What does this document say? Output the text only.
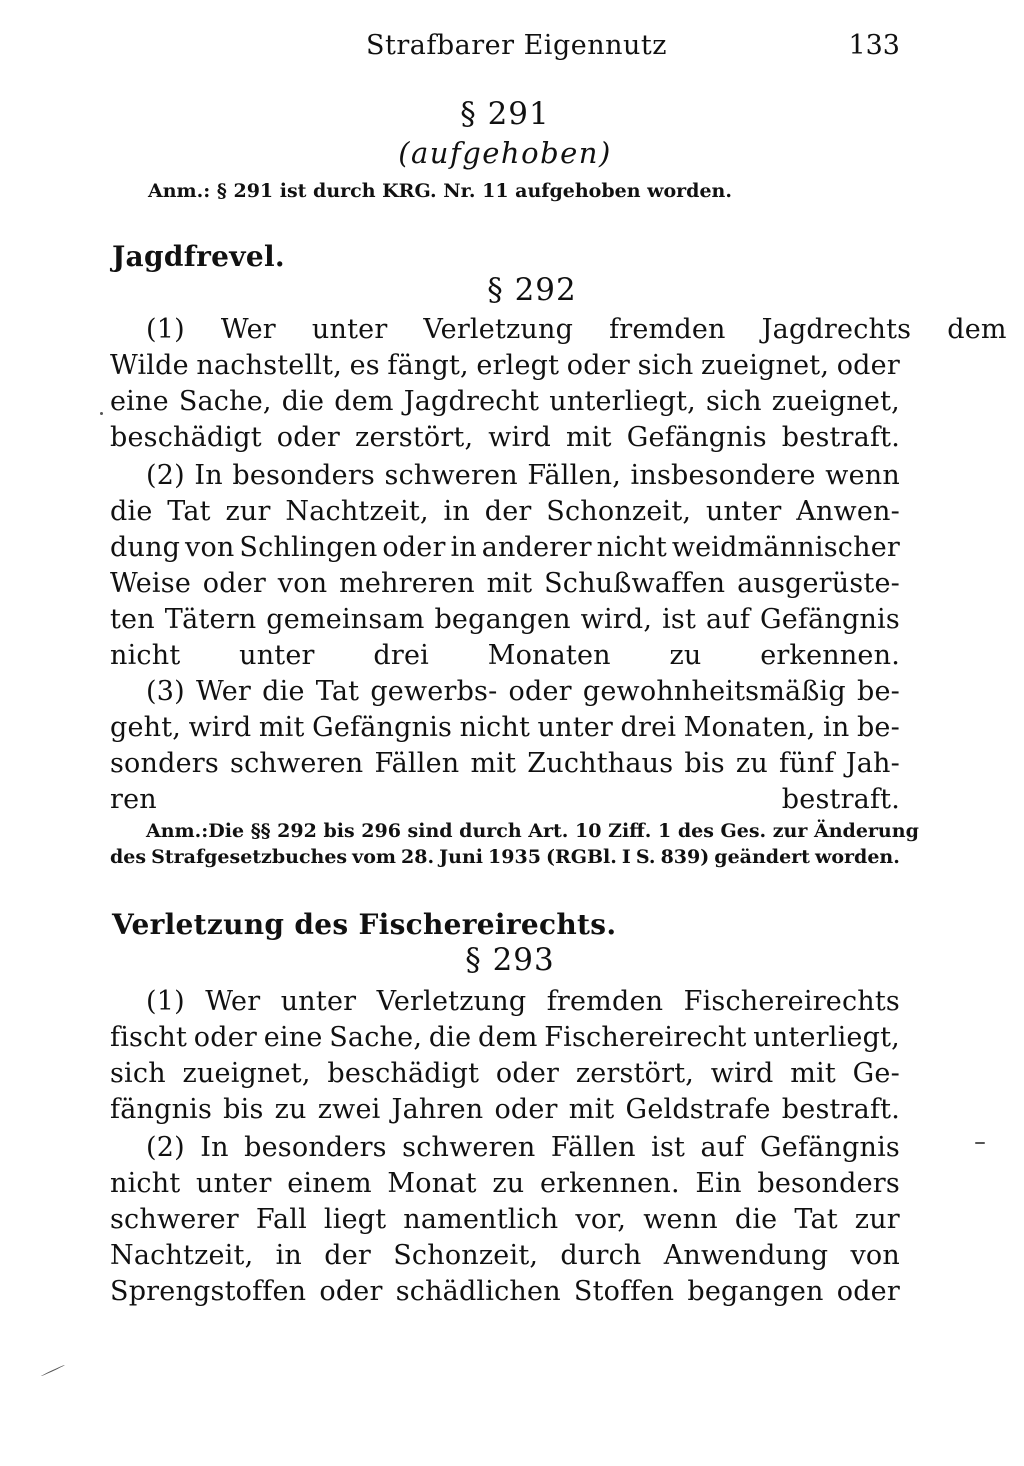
Strafbarer Eigennutz	133
§ 291
(aufgehoben)
Anm.: § 291 ist durch KRG. Nr. 11 aufgehoben worden.
Jagdfrevel.
§ 292
(1)	Wer	unter	Verletzung	fremden	Jagdrechts	dem
Wilde nachstellt, es fängt, erlegt oder sich zueignet, oder
eine Sache, die dem Jagdrecht unterliegt, sich zueignet,
beschädigt oder zerstört, wird mit Gefängnis bestraft.
(2) In besonders schweren Fällen, insbesondere wenn
die Tat zur Nachtzeit, in der Schonzeit, unter Anwen-
dung von Schlingen oder in anderer nicht weidmännischer
Weise oder von mehreren mit Schußwaffen ausgerüste-
ten Tätern gemeinsam begangen wird, ist auf Gefängnis
nicht unter drei Monaten zu erkennen.
(3) Wer die Tat gewerbs- oder gewohnheitsmäßig be-
geht, wird mit Gefängnis nicht unter drei Monaten, in be-
sonders schweren Fällen mit Zuchthaus bis zu fünf Jah-
ren bestraft.
Anm.: Die §§ 292 bis 296 sind durch Art. 10 Ziff. 1 des Ges. zur Änderung
des Strafgesetzbuches vom 28. Juni 1935 (RGBl. I S. 839) geändert worden.
Verletzung des Fischereirechts.
§ 293
(1) Wer unter Verletzung fremden Fischereirechts
fischt oder eine Sache, die dem Fischereirecht unterliegt,
sich zueignet, beschädigt oder zerstört, wird mit Ge-
fängnis bis zu zwei Jahren oder mit Geldstrafe bestraft.
(2) In besonders schweren Fällen ist auf Gefängnis
nicht unter einem Monat zu erkennen. Ein besonders
schwerer Fall liegt namentlich vor, wenn die Tat zur
Nachtzeit, in der Schonzeit, durch Anwendung von
Sprengstoffen oder schädlichen Stoffen begangen oder
